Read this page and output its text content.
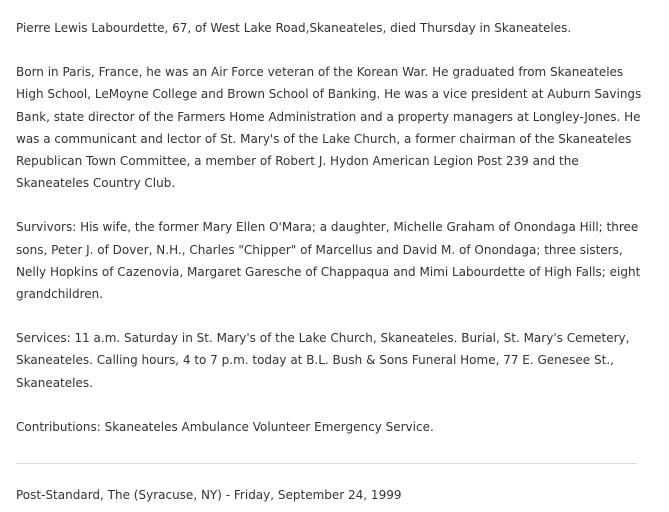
Pierre Lewis Labourdette, 67, of West Lake Road,Skaneateles, died Thursday in Skaneateles.

Born in Paris, France, he was an Air Force veteran of the Korean War. He graduated from Skaneateles High School, LeMoyne College and Brown School of Banking. He was a vice president at Auburn Savings Bank, state director of the Farmers Home Administration and a property managers at Longley-Jones. He was a communicant and lector of St. Mary's of the Lake Church, a former chairman of the Skaneateles Republican Town Committee, a member of Robert J. Hydon American Legion Post 239 and the Skaneateles Country Club.

Survivors: His wife, the former Mary Ellen O'Mara; a daughter, Michelle Graham of Onondaga Hill; three sons, Peter J. of Dover, N.H., Charles "Chipper" of Marcellus and David M. of Onondaga; three sisters, Nelly Hopkins of Cazenovia, Margaret Garesche of Chappaqua and Mimi Labourdette of High Falls; eight grandchildren.

Services: 11 a.m. Saturday in St. Mary's of the Lake Church, Skaneateles. Burial, St. Mary's Cemetery, Skaneateles. Calling hours, 4 to 7 p.m. today at B.L. Bush & Sons Funeral Home, 77 E. Genesee St., Skaneateles.

Contributions: Skaneateles Ambulance Volunteer Emergency Service.

Post-Standard, The (Syracuse, NY) - Friday, September 24, 1999
